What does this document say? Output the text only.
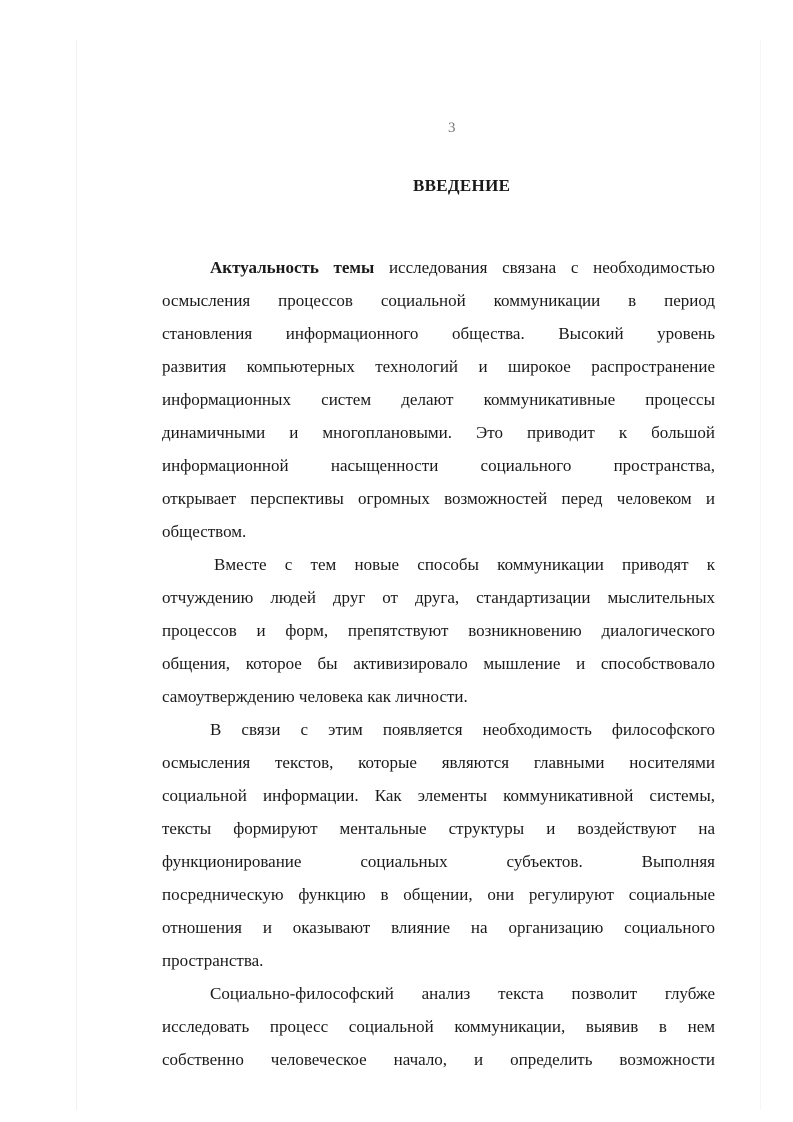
3
ВВЕДЕНИЕ
Актуальность темы исследования связана с необходимостью
осмысления процессов социальной коммуникации в период
становления информационного общества. Высокий уровень
развития компьютерных технологий и широкое распространение
информационных систем делают коммуникативные процессы
динамичными и многоплановыми. Это приводит к большой
информационной насыщенности социального пространства,
открывает перспективы огромных возможностей перед человеком и
обществом.
Вместе с тем новые способы коммуникации приводят к
отчуждению людей друг от друга, стандартизации мыслительных
процессов и форм, препятствуют возникновению диалогического
общения, которое бы активизировало мышление и способствовало
самоутверждению человека как личности.
В связи с этим появляется необходимость философского
осмысления текстов, которые являются главными носителями
социальной информации. Как элементы коммуникативной системы,
тексты формируют ментальные структуры и воздействуют на
функционирование социальных субъектов. Выполняя
посредническую функцию в общении, они регулируют социальные
отношения и оказывают влияние на организацию социального
пространства.
Социально-философский анализ текста позволит глубже
исследовать процесс социальной коммуникации, выявив в нем
собственно человеческое начало, и определить возможности
